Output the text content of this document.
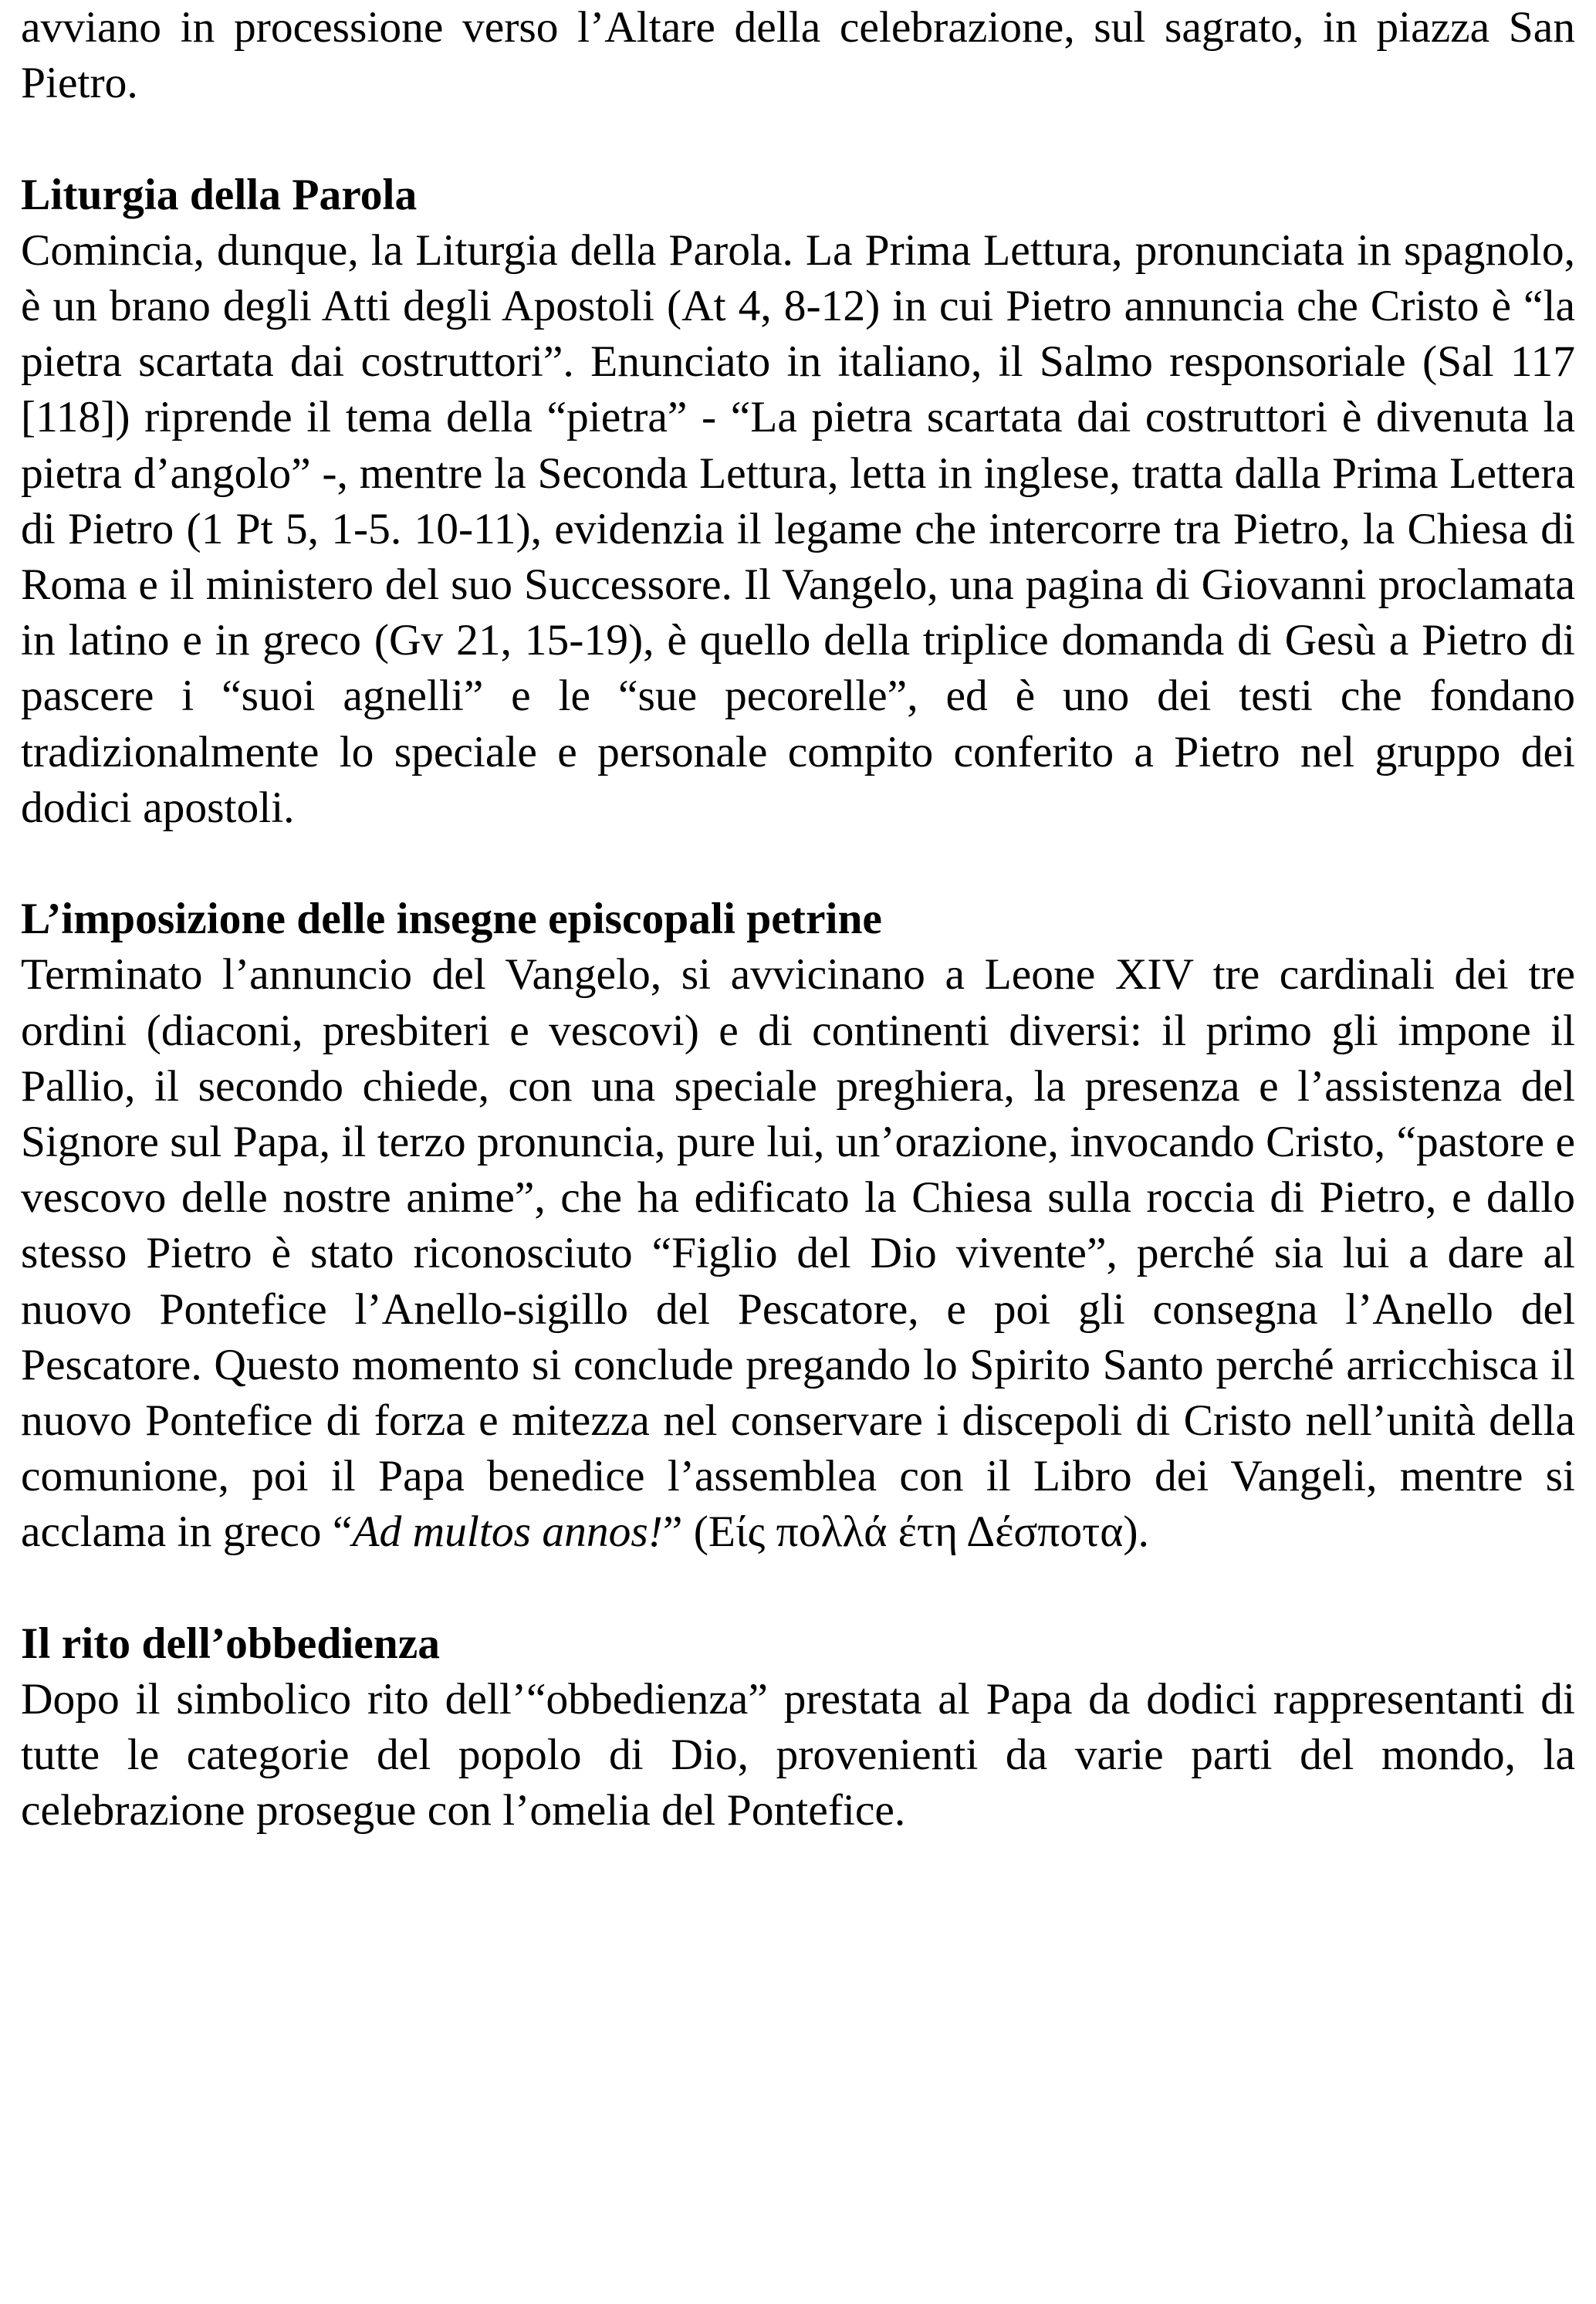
avviano in processione verso l’Altare della celebrazione, sul sagrato, in piazza San Pietro.

Liturgia della Parola

Comincia, dunque, la Liturgia della Parola. La Prima Lettura, pronunciata in spagnolo, è un brano degli Atti degli Apostoli (At 4, 8-12) in cui Pietro annuncia che Cristo è “la pietra scartata dai costruttori”. Enunciato in italiano, il Salmo responsoriale (Sal 117 [118]) riprende il tema della “pietra” - “La pietra scartata dai costruttori è divenuta la pietra d’angolo” -, mentre la Seconda Lettura, letta in inglese, tratta dalla Prima Lettera di Pietro (1 Pt 5, 1-5. 10-11), evidenzia il legame che intercorre tra Pietro, la Chiesa di Roma e il ministero del suo Successore. Il Vangelo, una pagina di Giovanni proclamata in latino e in greco (Gv 21, 15-19), è quello della triplice domanda di Gesù a Pietro di pascere i “suoi agnelli” e le “sue pecorelle”, ed è uno dei testi che fondano tradizionalmente lo speciale e personale compito conferito a Pietro nel gruppo dei dodici apostoli.

L’imposizione delle insegne episcopali petrine

Terminato l’annuncio del Vangelo, si avvicinano a Leone XIV tre cardinali dei tre ordini (diaconi, presbiteri e vescovi) e di continenti diversi: il primo gli impone il Pallio, il secondo chiede, con una speciale preghiera, la presenza e l’assistenza del Signore sul Papa, il terzo pronuncia, pure lui, un’orazione, invocando Cristo, “pastore e vescovo delle nostre anime”, che ha edificato la Chiesa sulla roccia di Pietro, e dallo stesso Pietro è stato riconosciuto “Figlio del Dio vivente”, perché sia lui a dare al nuovo Pontefice l’Anello-sigillo del Pescatore, e poi gli consegna l’Anello del Pescatore. Questo momento si conclude pregando lo Spirito Santo perché arricchisca il nuovo Pontefice di forza e mitezza nel conservare i discepoli di Cristo nell’unità della comunione, poi il Papa benedice l’assemblea con il Libro dei Vangeli, mentre si acclama in greco “Ad multos annos!” (Είς πολλά έτη Δέσποτα).

Il rito dell’obbedienza

Dopo il simbolico rito dell’“obbedienza” prestata al Papa da dodici rappresentanti di tutte le categorie del popolo di Dio, provenienti da varie parti del mondo, la celebrazione prosegue con l’omelia del Pontefice.
